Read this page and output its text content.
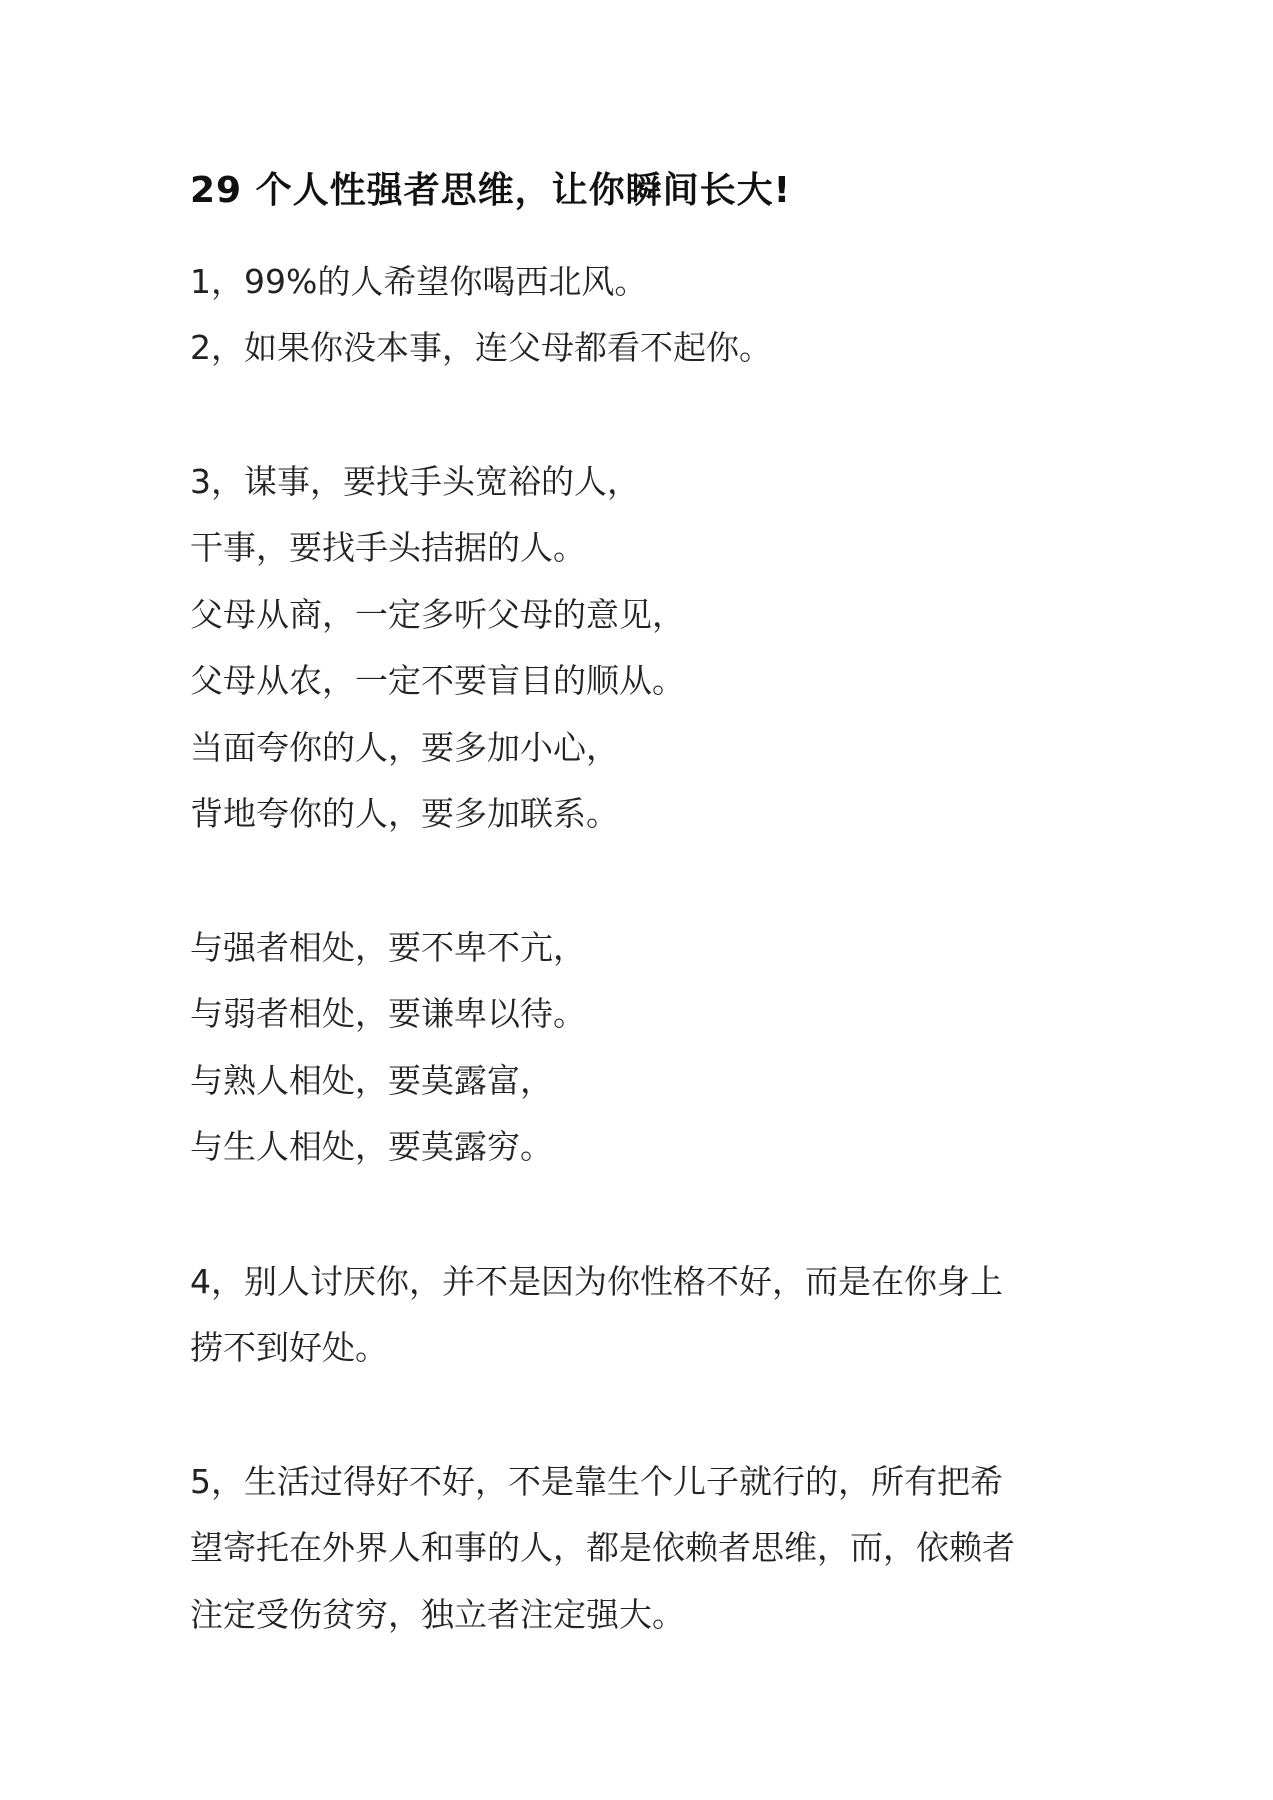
29 个人性强者思维，让你瞬间长大!
1，99%的人希望你喝西北风。
2，如果你没本事，连父母都看不起你。
3，谋事，要找手头宽裕的人，
干事，要找手头拮据的人。
父母从商，一定多听父母的意见，
父母从农，一定不要盲目的顺从。
当面夸你的人，要多加小心，
背地夸你的人，要多加联系。
与强者相处，要不卑不亢，
与弱者相处，要谦卑以待。
与熟人相处，要莫露富，
与生人相处，要莫露穷。
4，别人讨厌你，并不是因为你性格不好，而是在你身上
捞不到好处。
5，生活过得好不好，不是靠生个儿子就行的，所有把希
望寄托在外界人和事的人，都是依赖者思维，而，依赖者
注定受伤贫穷，独立者注定强大。
